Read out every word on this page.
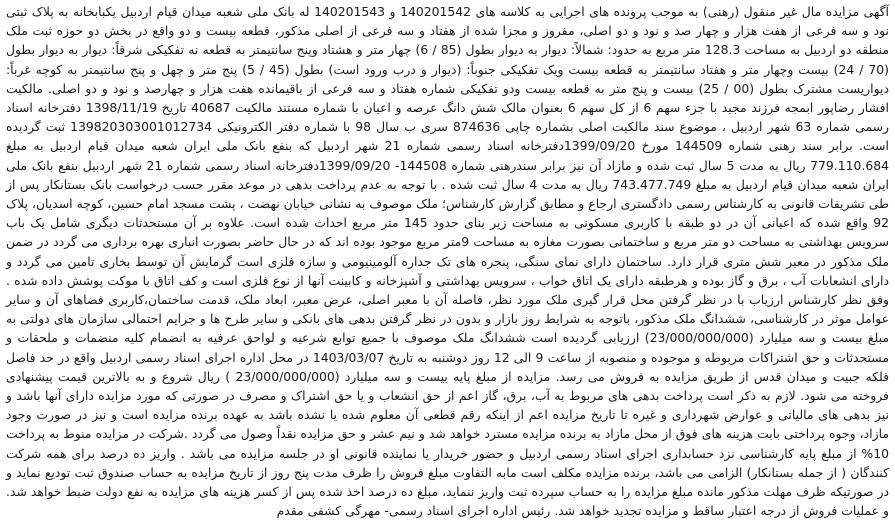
آگهی مزایده مال غیر منقول (رهنی) به موجب پرونده های اجرایی به کلاسه های 140201542 و 140201543 له بانک ملی شعبه میدان قیام اردبیل یکبابخانه به پلاک ثبتی نود و سه فرعی از هفت هزار و چهار صد و نود و دو اصلی، مفروز و مجزا شده از هفتاد و سه فرعی از اصلی مذکور، قطعه بیست و دو واقع در بخش دو حوزه ثبت ملک منطقه دو اردبیل به مساحت 128.3 متر مربع به حدود: شمالاً: دیوار به دیوار بطول (85 / 6) چهار متر و هشتاد وپنج سانتیمتر به قطعه نه تفکیکی شرقاً: دیوار به دیوار بطول (70 / 24) بیست وچهار متر و هفتاد سانتیمتر به قطعه بیست ویک تفکیکی جنوباً: (دیوار و درب ورود است) بطول (45 / 5) پنج متر و چهل و پنج سانتیمتر به کوچه غرباً: دیواریست مشترک بطول (00 / 25) بیست و پنج متر به قطعه بیست ودو تفکیکی شماره هفتاد و سه فرعی از باقیمانده هفت هزار و چهارصد و نود و دو اصلی. مالکیت افشار رضاپور ابمجه فرزند مجید با جزء سهم 6 از کل سهم 6 بعنوان مالک شش دانگ عرصه و اعیان با شماره مستند مالکیت 40687 تاریخ 1398/11/19 دفترخانه اسناد رسمی شماره 63 شهر اردبیل ، موضوع سند مالکیت اصلی بشماره چاپی 874636 سری ب سال 98 با شماره دفتر الکترونیکی 139820303001012734 ثبت گردیده است. برابر سند رهنی شماره 144509 مورخ 1399/09/20دفترخانه اسناد رسمی شماره 21 شهر اردبیل که بنفع بانک ملی ایران شعبه میدان قیام اردبیل به مبلغ 779.110.684 ریال به مدت 5 سال ثبت شده و مازاد آن نیز برابر سندرهنی شماره 144508- 1399/09/20دفترخانه اسناد رسمی شماره 21 شهر اردبیل بنفع بانک ملی ایران شعبه میدان قیام اردبیل به مبلغ 743.477.749 ریال به مدت 4 سال ثبت شده . با توجه به عدم پرداخت بدهی در موعد مقرر حسب درخواست بانک بستانکار پس از طی تشریفات قانونی به کارشناس رسمی دادگستری ارجاع و مطابق گزارش کارشناس؛ ملک موصوف به نشانی خیابان نهضت ، پشت مسجد امام حسین، کوچه اسدیان، پلاک 92 واقع شده که اعیانی آن در دو طبقه با کاربری مسکونی به مساحت زیر بنای حدود 145 متر مربع احداث شده است. علاوه بر آن مستحدثات دیگری شامل یک باب سرویس بهداشتی به مساحت دو متر مربع و ساختمانی بصورت مغازه به مساحت 9متر مربع موجود بوده اند که در حال حاضر بصورت انباری بهره برداری می گردد در ضمن ملک مذکور در معبر شش متری قرار دارد. ساختمان دارای نمای سنگی، پنجره های تک جداره آلومینیومی و سازه فلزی است گرمایش آن توسط بخاری تامین می گردد و دارای انشعابات آب ، برق و گاز بوده و هرطبقه دارای یک اتاق خواب ، سرویس بهداشتی و آشپزخانه و کابینت آنها از نوع فلزی است و کف اتاق با موکت پوشش داده شده . وفق نظر کارشناس ارزیاب با در نظر گرفتن محل قرار گیری ملک مورد نظر، فاصله آن با معبر اصلی، عرض معبر، ابعاد ملک، قدمت ساختمان،کاربری فضاهای آن و سایر عوامل موثر در کارشناسی، ششدانگ ملک مذکور، باتوجه به شرایط روز بازار و بدون در نظر گرفتن بدهی های بانکی و سایر طرح ها و جرایم احتمالی سازمان های دولتی به مبلغ بیست و سه میلیارد (23/000/000/000) ارزیابی گردیده است ششدانگ ملک موصوف با جمیع توابع شرعیه و لواحق عرفیه به انضمام کلیه منضمات و ملحقات و مستحدثات و حق اشتراکات مربوطه و موجوده و منصوبه از ساعت 9 الی 12 روز دوشنبه به تاریخ 1403/03/07 در محل اداره اجرای اسناد رسمی اردبیل واقع در حد فاصل فلکه جبیت و میدان قدس از طریق مزایده به فروش می رسد. مزایده از مبلغ پایه بیست و سه میلیارد (23/000/000/000 ) ریال شروع و به بالاترین قیمت پیشنهادی فروخته می شود. لازم به ذکر است پرداخت بدهی های مربوط به آب، برق، گاز اعم از حق انشعاب و یا حق اشتراک و مصرف در صورتی که مورد مزایده دارای آنها باشد و نیز بدهی های مالیاتی و عوارض شهرداری و غیره تا تاریخ مزایده اعم از اینکه رقم قطعی آن معلوم شده یا نشده باشد به عهده برنده مزایده است و نیز در صورت وجود مازاد، وجوه پرداختی بابت هزینه های فوق از محل مازاد به برنده مزایده مسترد خواهد شد و نیم عشر و حق مزایده نقداً وصول می گردد .شرکت در مزایده منوط به پرداخت 10% از مبلغ پایه کارشناسی نزد حسابداری اجرای اسناد رسمی اردبیل و حضور خریدار یا نماینده قانونی او در جلسه مزایده می باشد . واریز ده درصد برای همه شرکت کنندگان ( از جمله بستانکار) الزامی می باشد، برنده مزایده مکلف است مابه التفاوت مبلغ فروش را ظرف مدت پنج روز از تاریخ مزایده به حساب صندوق ثبت تودیع نماید و در صورتیکه ظرف مهلت مذکور مانده مبلغ مزایده را به حساب سپرده ثبت واریز ننماید، مبلغ ده درصد اخذ شده پس از کسر هزینه های مزایده به نفع دولت ضبط خواهد شد. و عملیات فروش از درجه اعتبار ساقط و مزایده تجدید خواهد شد. رئیس اداره اجرای اسناد رسمی- مهرگی کشفی مقدم
